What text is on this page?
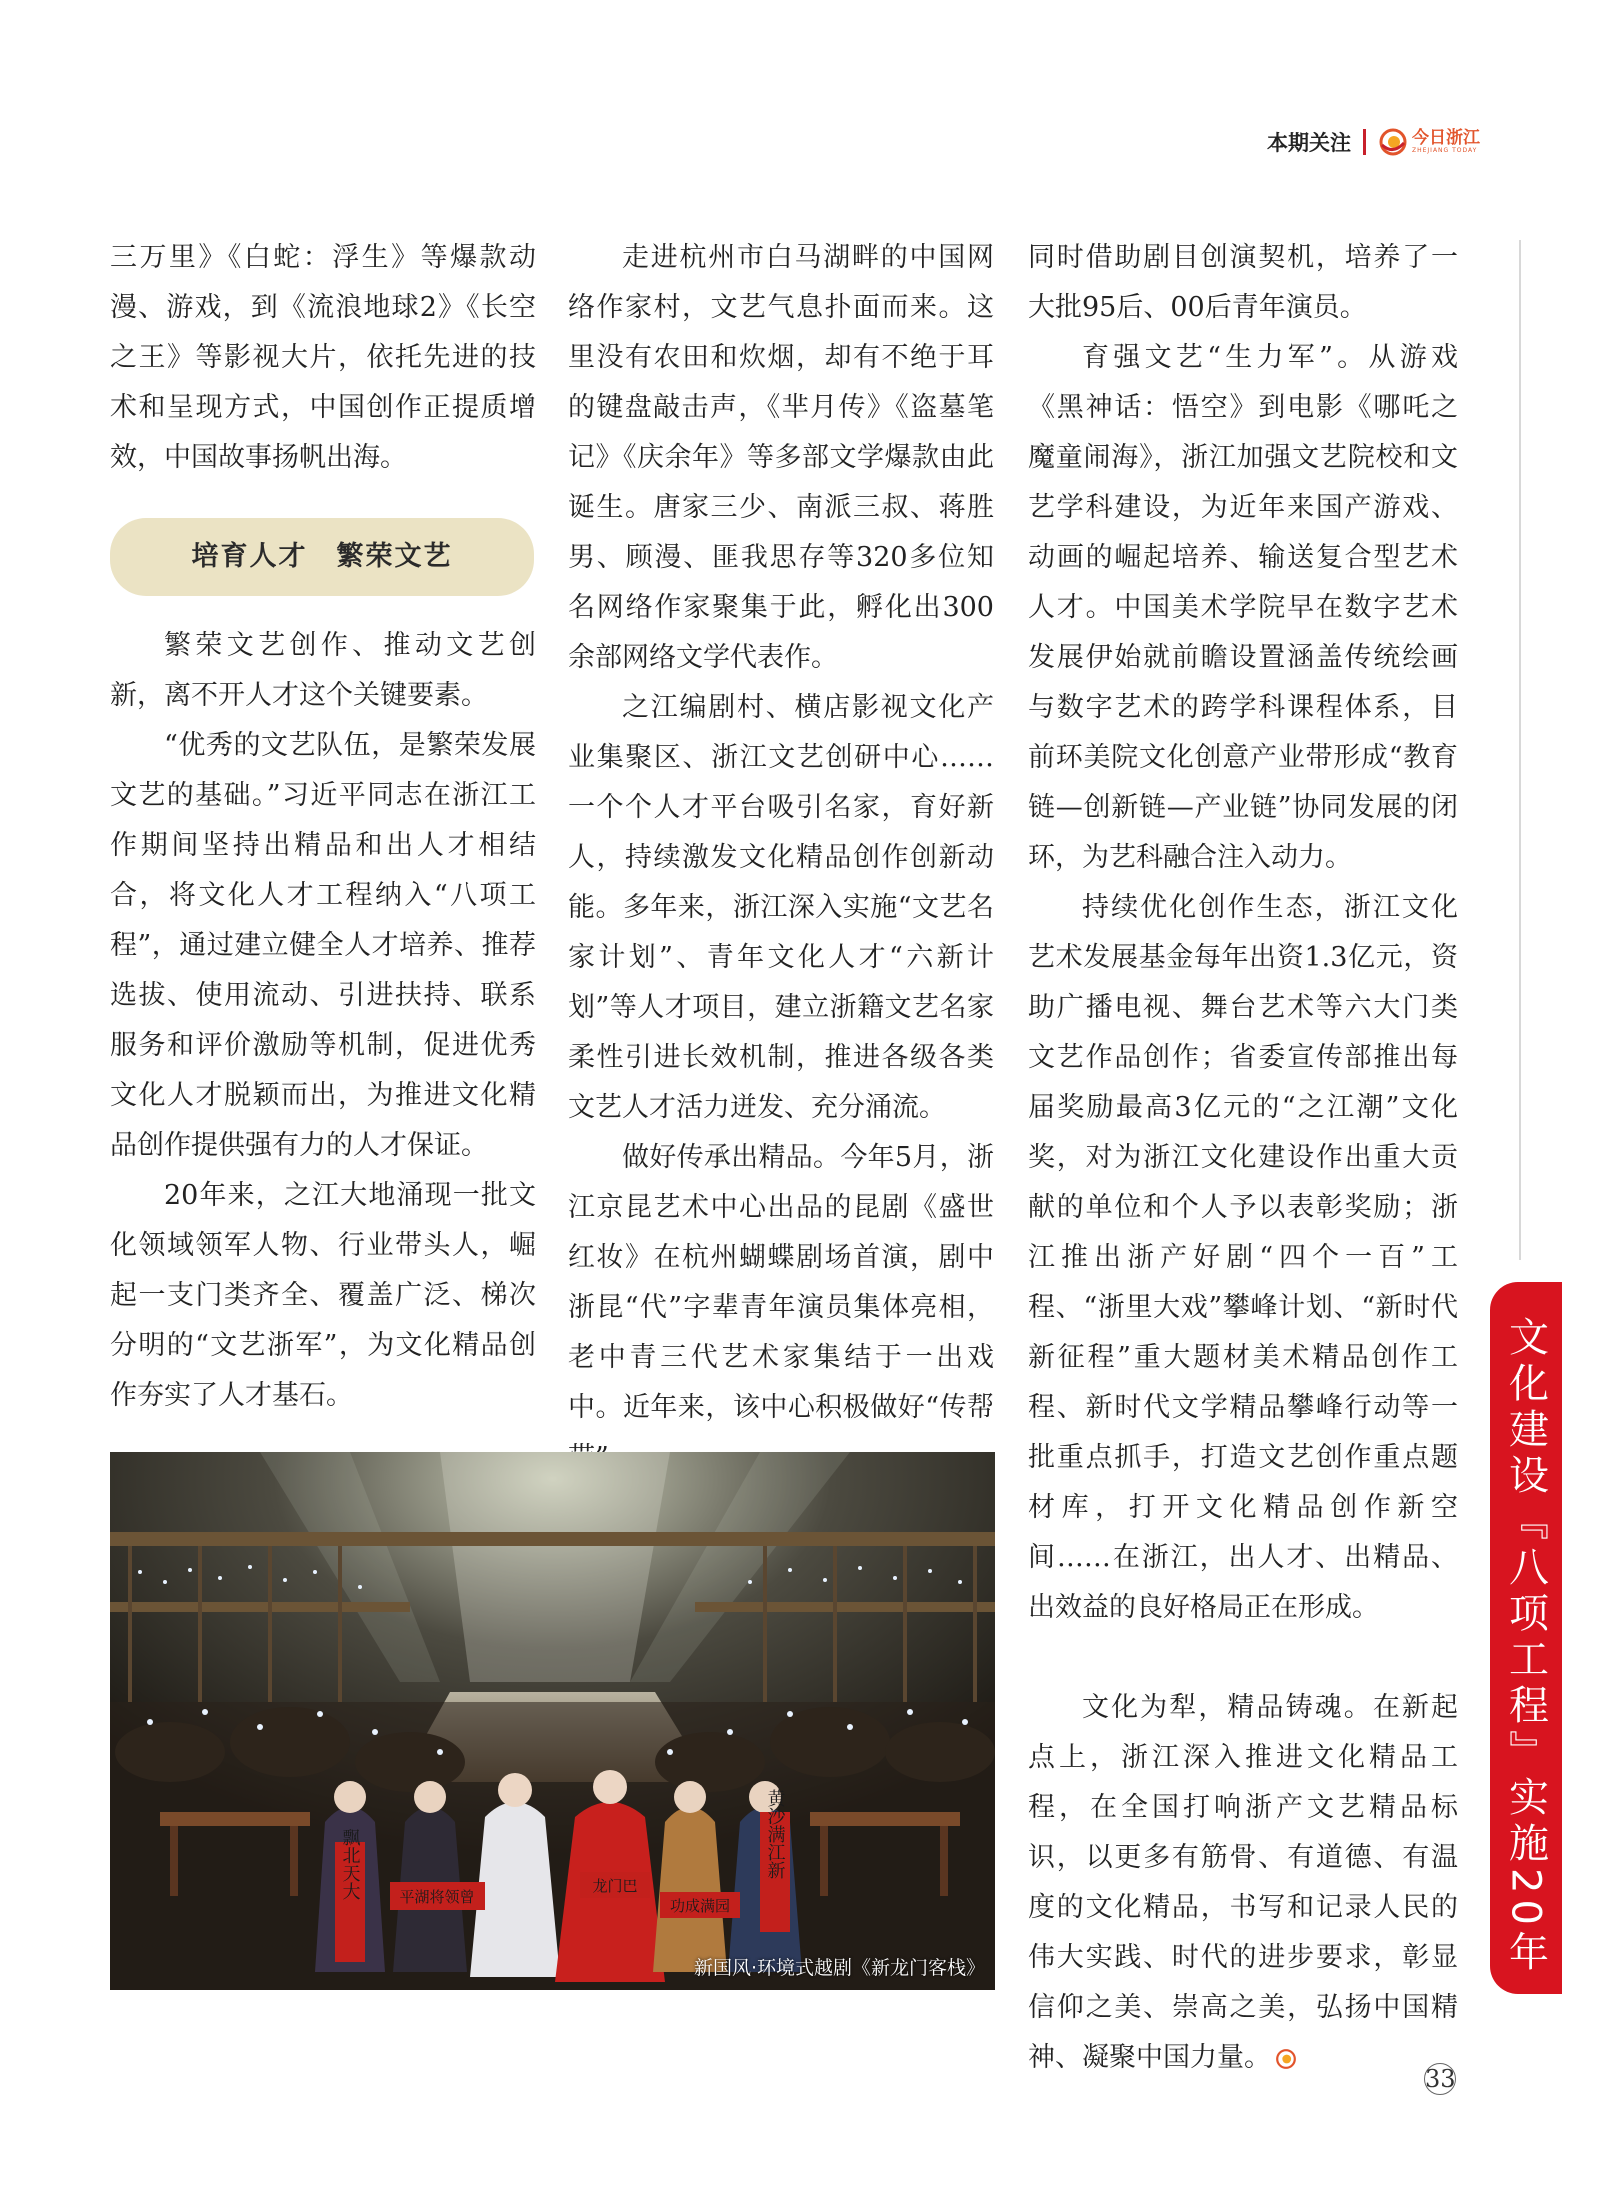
本期关注	今日浙江
ZHEJIANG TODAY

三万里》《白蛇：浮生》等爆款动漫、游戏，到《流浪地球2》《长空之王》等影视大片，依托先进的技术和呈现方式，中国创作正提质增效，中国故事扬帆出海。

培育人才　繁荣文艺

繁荣文艺创作、推动文艺创新，离不开人才这个关键要素。

“优秀的文艺队伍，是繁荣发展文艺的基础。”习近平同志在浙江工作期间坚持出精品和出人才相结合，将文化人才工程纳入“八项工程”，通过建立健全人才培养、推荐选拔、使用流动、引进扶持、联系服务和评价激励等机制，促进优秀文化人才脱颖而出，为推进文化精品创作提供强有力的人才保证。

20年来，之江大地涌现一批文化领域领军人物、行业带头人，崛起一支门类齐全、覆盖广泛、梯次分明的“文艺浙军”，为文化精品创作夯实了人才基石。

走进杭州市白马湖畔的中国网络作家村，文艺气息扑面而来。这里没有农田和炊烟，却有不绝于耳的键盘敲击声，《芈月传》《盗墓笔记》《庆余年》等多部文学爆款由此诞生。唐家三少、南派三叔、蒋胜男、顾漫、匪我思存等320多位知名网络作家聚集于此，孵化出300余部网络文学代表作。

之江编剧村、横店影视文化产业集聚区、浙江文艺创研中心……一个个人才平台吸引名家，育好新人，持续激发文化精品创作创新动能。多年来，浙江深入实施“文艺名家计划”、青年文化人才“六新计划”等人才项目，建立浙籍文艺名家柔性引进长效机制，推进各级各类文艺人才活力迸发、充分涌流。

做好传承出精品。今年5月，浙江京昆艺术中心出品的昆剧《盛世红妆》在杭州蝴蝶剧场首演，剧中浙昆“代”字辈青年演员集体亮相，老中青三代艺术家集结于一出戏中。近年来，该中心积极做好“传帮

同时借助剧目创演契机，培养了一大批95后、00后青年演员。

育强文艺“生力军”。从游戏《黑神话：悟空》到电影《哪吒之魔童闹海》，浙江加强文艺院校和文艺学科建设，为近年来国产游戏、动画的崛起培养、输送复合型艺术人才。中国美术学院早在数字艺术发展伊始就前瞻设置涵盖传统绘画与数字艺术的跨学科课程体系，目前环美院文化创意产业带形成“教育链—创新链—产业链”协同发展的闭环，为艺科融合注入动力。

持续优化创作生态，浙江文化艺术发展基金每年出资1.3亿元，资助广播电视、舞台艺术等六大门类文艺作品创作；省委宣传部推出每届奖励最高3亿元的“之江潮”文化奖，对为浙江文化建设作出重大贡献的单位和个人予以表彰奖励；浙江推出浙产好剧“四个一百”工程、“浙里大戏”攀峰计划、“新时代 新征程”重大题材美术精品创作工程、新时代文学精品攀峰行动等一批重点抓手，打造文艺创作重点题材库，打开文化精品创作新空间……在浙江，出人才、出精品、出效益的良好格局正在形成。

文化为犁，精品铸魂。在新起点上，浙江深入推进文化精品工程，在全国打响浙产文艺精品标识，以更多有筋骨、有道德、有温度的文化精品，书写和记录人民的伟大实践、时代的进步要求，彰显信仰之美、崇高之美，弘扬中国精神、凝聚中国力量。

文化建设『八项工程』实施20年
飘北天大	平湖将领曾
龙门巴
功成满园
黄沙满江新
新国风·环境式越剧《新龙门客栈》
33
